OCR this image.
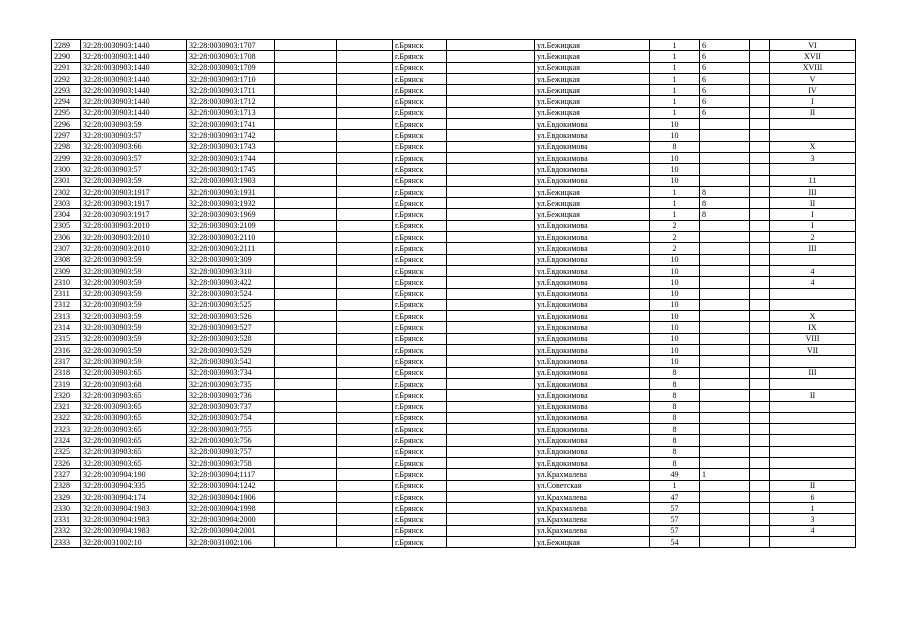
2289	32:28:0030903:1440	32:28:0030903:1707			г.Брянск		ул.Бежицкая	1	6		VI
2290	32:28:0030903:1440	32:28:0030903:1708			г.Брянск		ул.Бежицкая	1	6		XVII
2291	32:28:0030903:1440	32:28:0030903:1709			г.Брянск		ул.Бежицкая	1	6		XVIII
2292	32:28:0030903:1440	32:28:0030903:1710			г.Брянск		ул.Бежицкая	1	6		V
2293	32:28:0030903:1440	32:28:0030903:1711			г.Брянск		ул.Бежицкая	1	6		IV
2294	32:28:0030903:1440	32:28:0030903:1712			г.Брянск		ул.Бежицкая	1	6		I
2295	32:28:0030903:1440	32:28:0030903:1713			г.Брянск		ул.Бежицкая	1	6		II
2296	32:28:0030903:59	32:28:0030903:1741			г.Брянск		ул.Евдокимова	10			
2297	32:28:0030903:57	32:28:0030903:1742			г.Брянск		ул.Евдокимова	10			
2298	32:28:0030903:66	32:28:0030903:1743			г.Брянск		ул.Евдокимова	8			X
2299	32:28:0030903:57	32:28:0030903:1744			г.Брянск		ул.Евдокимова	10			3
2300	32:28:0030903:57	32:28:0030903:1745			г.Брянск		ул.Евдокимова	10			
2301	32:28:0030903:59	32:28:0030903:1903			г.Брянск		ул.Евдокимова	10			11
2302	32:28:0030903:1917	32:28:0030903:1931			г.Брянск		ул.Бежицкая	1	8		III
2303	32:28:0030903:1917	32:28:0030903:1932			г.Брянск		ул.Бежицкая	1	8		II
2304	32:28:0030903:1917	32:28:0030903:1969			г.Брянск		ул.Бежицкая	1	8		I
2305	32:28:0030903:2010	32:28:0030903:2109			г.Брянск		ул.Евдокимова	2			I
2306	32:28:0030903:2010	32:28:0030903:2110			г.Брянск		ул.Евдокимова	2			2
2307	32:28:0030903:2010	32:28:0030903:2111			г.Брянск		ул.Евдокимова	2			III
2308	32:28:0030903:59	32:28:0030903:309			г.Брянск		ул.Евдокимова	10			
2309	32:28:0030903:59	32:28:0030903:310			г.Брянск		ул.Евдокимова	10			4
2310	32:28:0030903:59	32:28:0030903:422			г.Брянск		ул.Евдокимова	10			4
2311	32:28:0030903:59	32:28:0030903:524			г.Брянск		ул.Евдокимова	10			
2312	32:28:0030903:59	32:28:0030903:525			г.Брянск		ул.Евдокимова	10			
2313	32:28:0030903:59	32:28:0030903:526			г.Брянск		ул.Евдокимова	10			X
2314	32:28:0030903:59	32:28:0030903:527			г.Брянск		ул.Евдокимова	10			IX
2315	32:28:0030903:59	32:28:0030903:528			г.Брянск		ул.Евдокимова	10			VIII
2316	32:28:0030903:59	32:28:0030903:529			г.Брянск		ул.Евдокимова	10			VII
2317	32:28:0030903:59	32:28:0030903:542			г.Брянск		ул.Евдокимова	10			
2318	32:28:0030903:65	32:28:0030903:734			г.Брянск		ул.Евдокимова	8			III
2319	32:28:0030903:68	32:28:0030903:735			г.Брянск		ул.Евдокимова	8			
2320	32:28:0030903:65	32:28:0030903:736			г.Брянск		ул.Евдокимова	8			II
2321	32:28:0030903:65	32:28:0030903:737			г.Брянск		ул.Евдокимова	8			
2322	32:28:0030903:65	32:28:0030903:754			г.Брянск		ул.Евдокимова	8			
2323	32:28:0030903:65	32:28:0030903:755			г.Брянск		ул.Евдокимова	8			
2324	32:28:0030903:65	32:28:0030903:756			г.Брянск		ул.Евдокимова	8			
2325	32:28:0030903:65	32:28:0030903:757			г.Брянск		ул.Евдокимова	8			
2326	32:28:0030903:65	32:28:0030903:758			г.Брянск		ул.Евдокимова	8			
2327	32:28:0030904:190	32:28:0030904:1117			г.Брянск		ул.Крахмалева	49	1		
2328	32:28:0030904:335	32:28:0030904:1242			г.Брянск		ул.Советская	1			II
2329	32:28:0030904:174	32:28:0030904:1906			г.Брянск		ул.Крахмалева	47			6
2330	32:28:0030904:1983	32:28:0030904:1998			г.Брянск		ул.Крахмалева	57			1
2331	32:28:0030904:1983	32:28:0030904:2000			г.Брянск		ул.Крахмалева	57			3
2332	32:28:0030904:1983	32:28:0030904:2001			г.Брянск		ул.Крахмалева	57			4
2333	32:28:0031002:10	32:28:0031002:106			г.Брянск		ул.Бежицкая	54			
